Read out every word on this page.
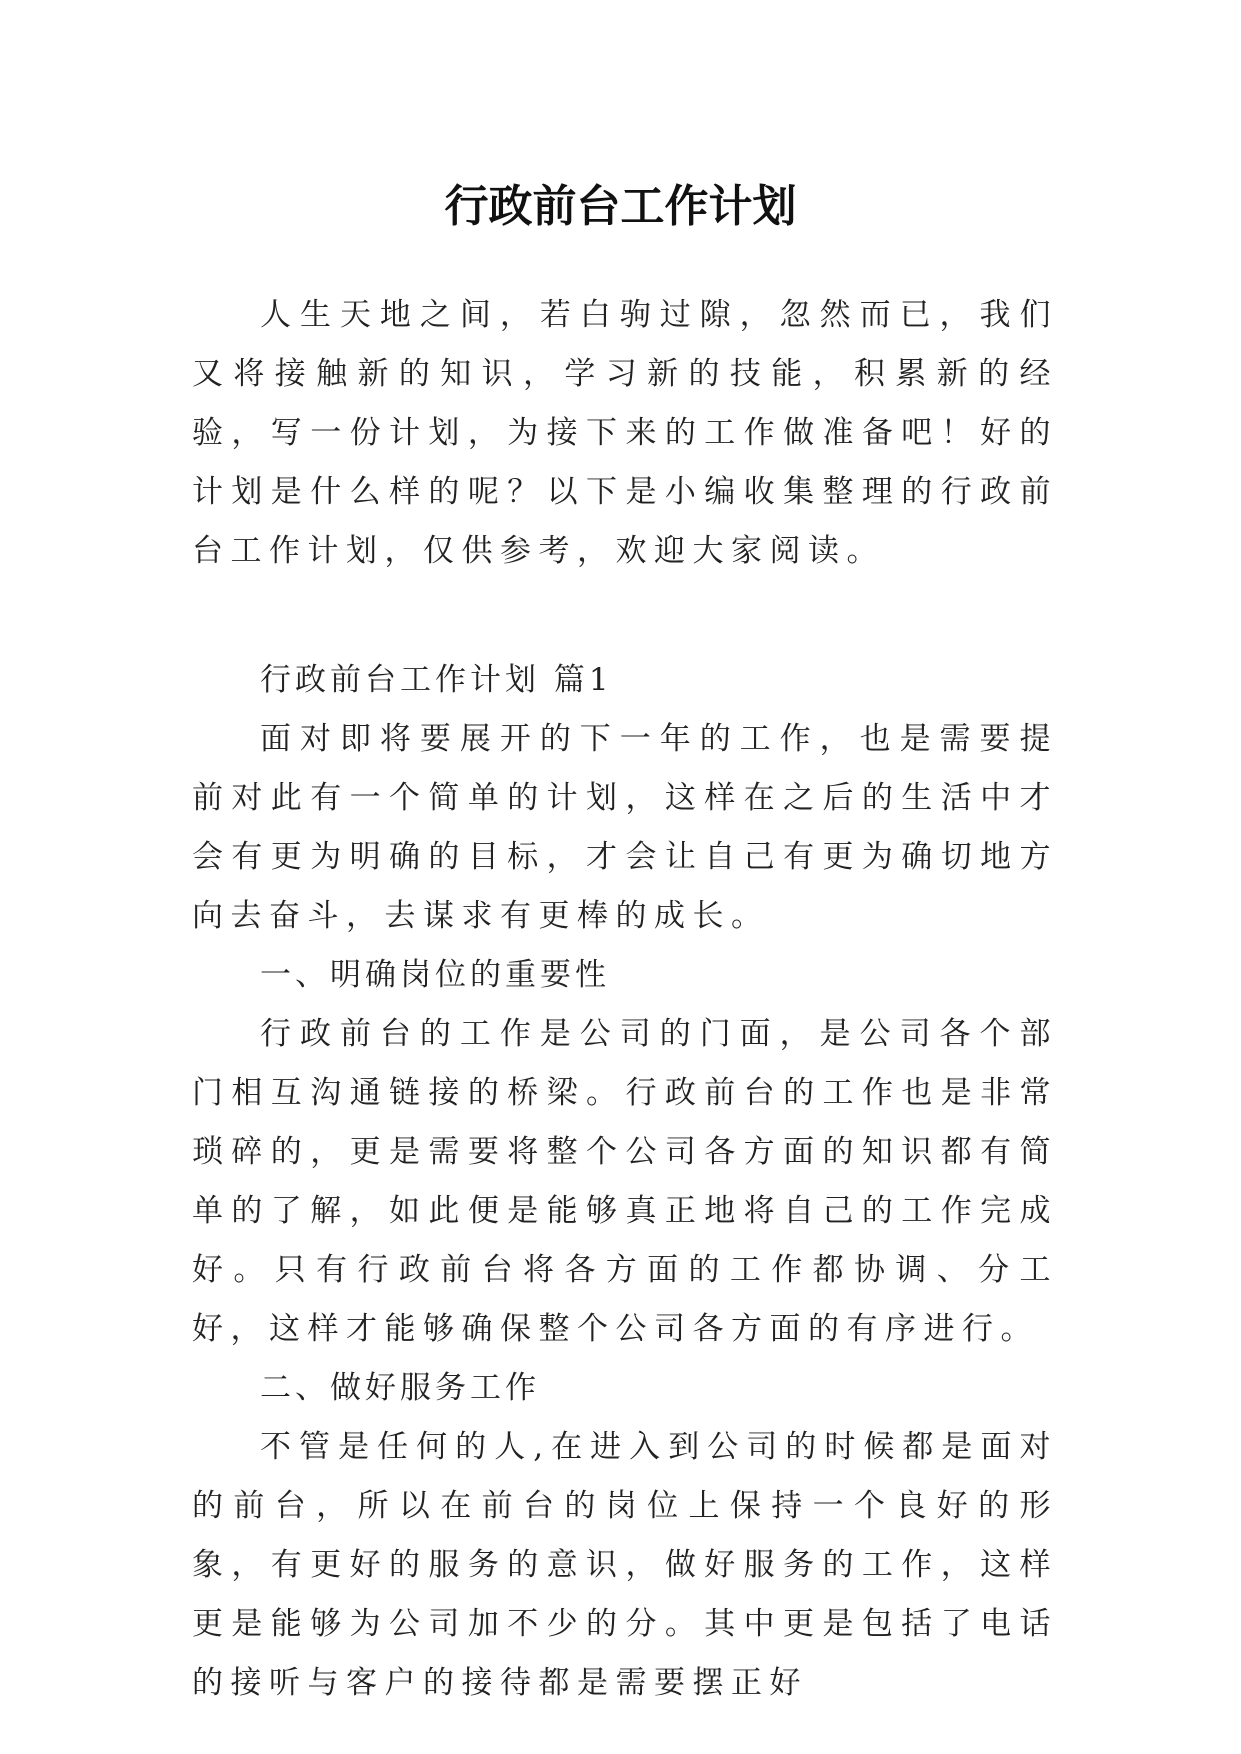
行政前台工作计划

人生天地之间，若白驹过隙，忽然而已，我们又将接触新的知识，学习新的技能，积累新的经验，写一份计划，为接下来的工作做准备吧！好的计划是什么样的呢？以下是小编收集整理的行政前台工作计划，仅供参考，欢迎大家阅读。

行政前台工作计划 篇1

面对即将要展开的下一年的工作，也是需要提前对此有一个简单的计划，这样在之后的生活中才会有更为明确的目标，才会让自己有更为确切地方向去奋斗，去谋求有更棒的成长。

一、明确岗位的重要性

行政前台的工作是公司的门面，是公司各个部门相互沟通链接的桥梁。行政前台的工作也是非常琐碎的，更是需要将整个公司各方面的知识都有简单的了解，如此便是能够真正地将自己的工作完成好。只有行政前台将各方面的工作都协调、分工好，这样才能够确保整个公司各方面的有序进行。

二、做好服务工作

不管是任何的人,在进入到公司的时候都是面对的前台，所以在前台的岗位上保持一个良好的形象，有更好的服务的意识，做好服务的工作，这样更是能够为公司加不少的分。其中更是包括了电话的接听与客户的接待都是需要摆正好
